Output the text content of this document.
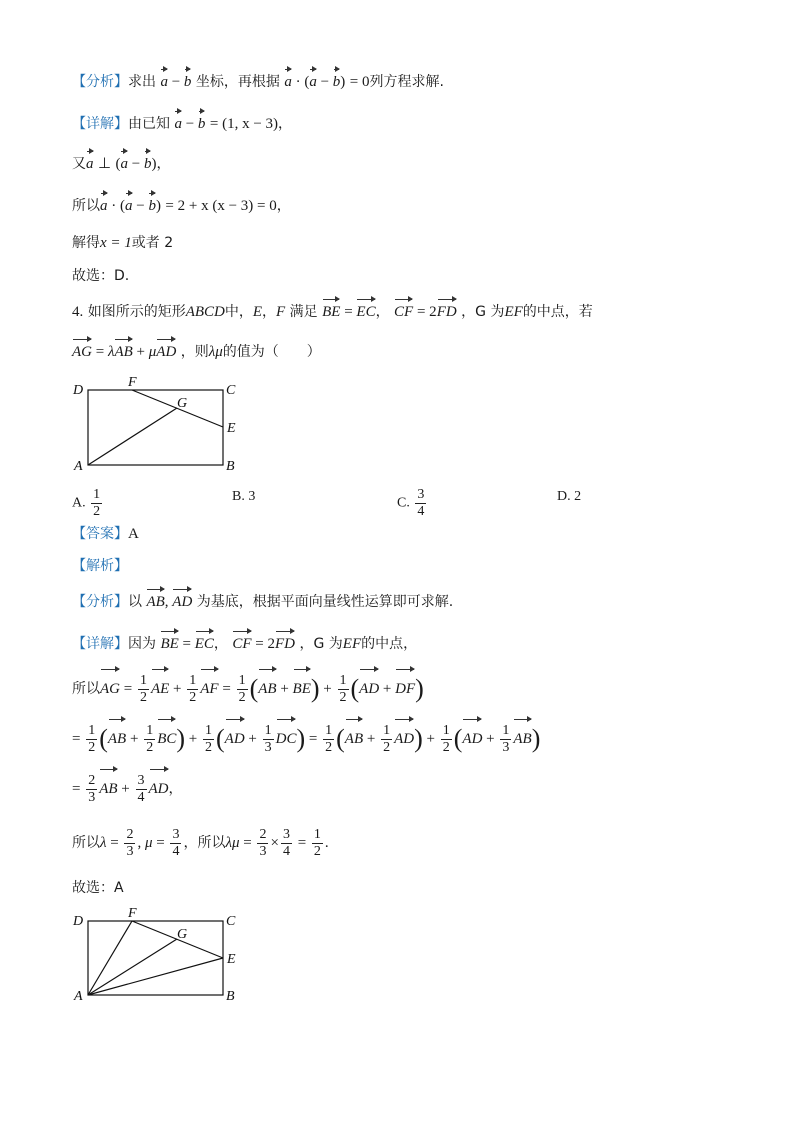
【分析】求出 a − b 坐标，再根据 a · (a − b) = 0列方程求解.
【详解】由已知 a − b = (1, x − 3)，
又a ⊥ (a − b)，
所以a · (a − b) = 2 + x (x − 3) = 0，
解得x = 1或者 2
故选：D.
4. 如图所示的矩形ABCD中，E，F 满足 BE = EC， CF = 2FD ，G 为EF的中点，若
AG = λAB + μAD ，则λμ的值为（　　）
D
F
C
G
E
A	B
A. $\frac{1}{2}$	B. 3	C. $\frac{3}{4}$	D. 2
【答案】A
【解析】
【分析】以 AB, AD 为基底，根据平面向量线性运算即可求解.
【详解】因为 BE = EC， CF = 2FD ，G 为EF的中点，
所以AG = $\frac{1}{2}$ AE + $\frac{1}{2}$ AF = $\frac{1}{2} (AB + BE) + \frac{1}{2} (AD + DF)$
= $\frac{1}{2} (AB + \frac{1}{2} BC) + \frac{1}{2} (AD + \frac{1}{3} DC) = \frac{1}{2} (AB + \frac{1}{2} AD) + \frac{1}{2} (AD + \frac{1}{3} AB)$
= $\frac{2}{3}$ AB + $\frac{3}{4}$ AD，
所以$\lambda = \frac{2}{3}$ , $\mu = \frac{3}{4}$ ，所以$\lambda\mu = \frac{2}{3} \times \frac{3}{4} = \frac{1}{2}$ .
故选：A
D
F
C
G
E
A	B
